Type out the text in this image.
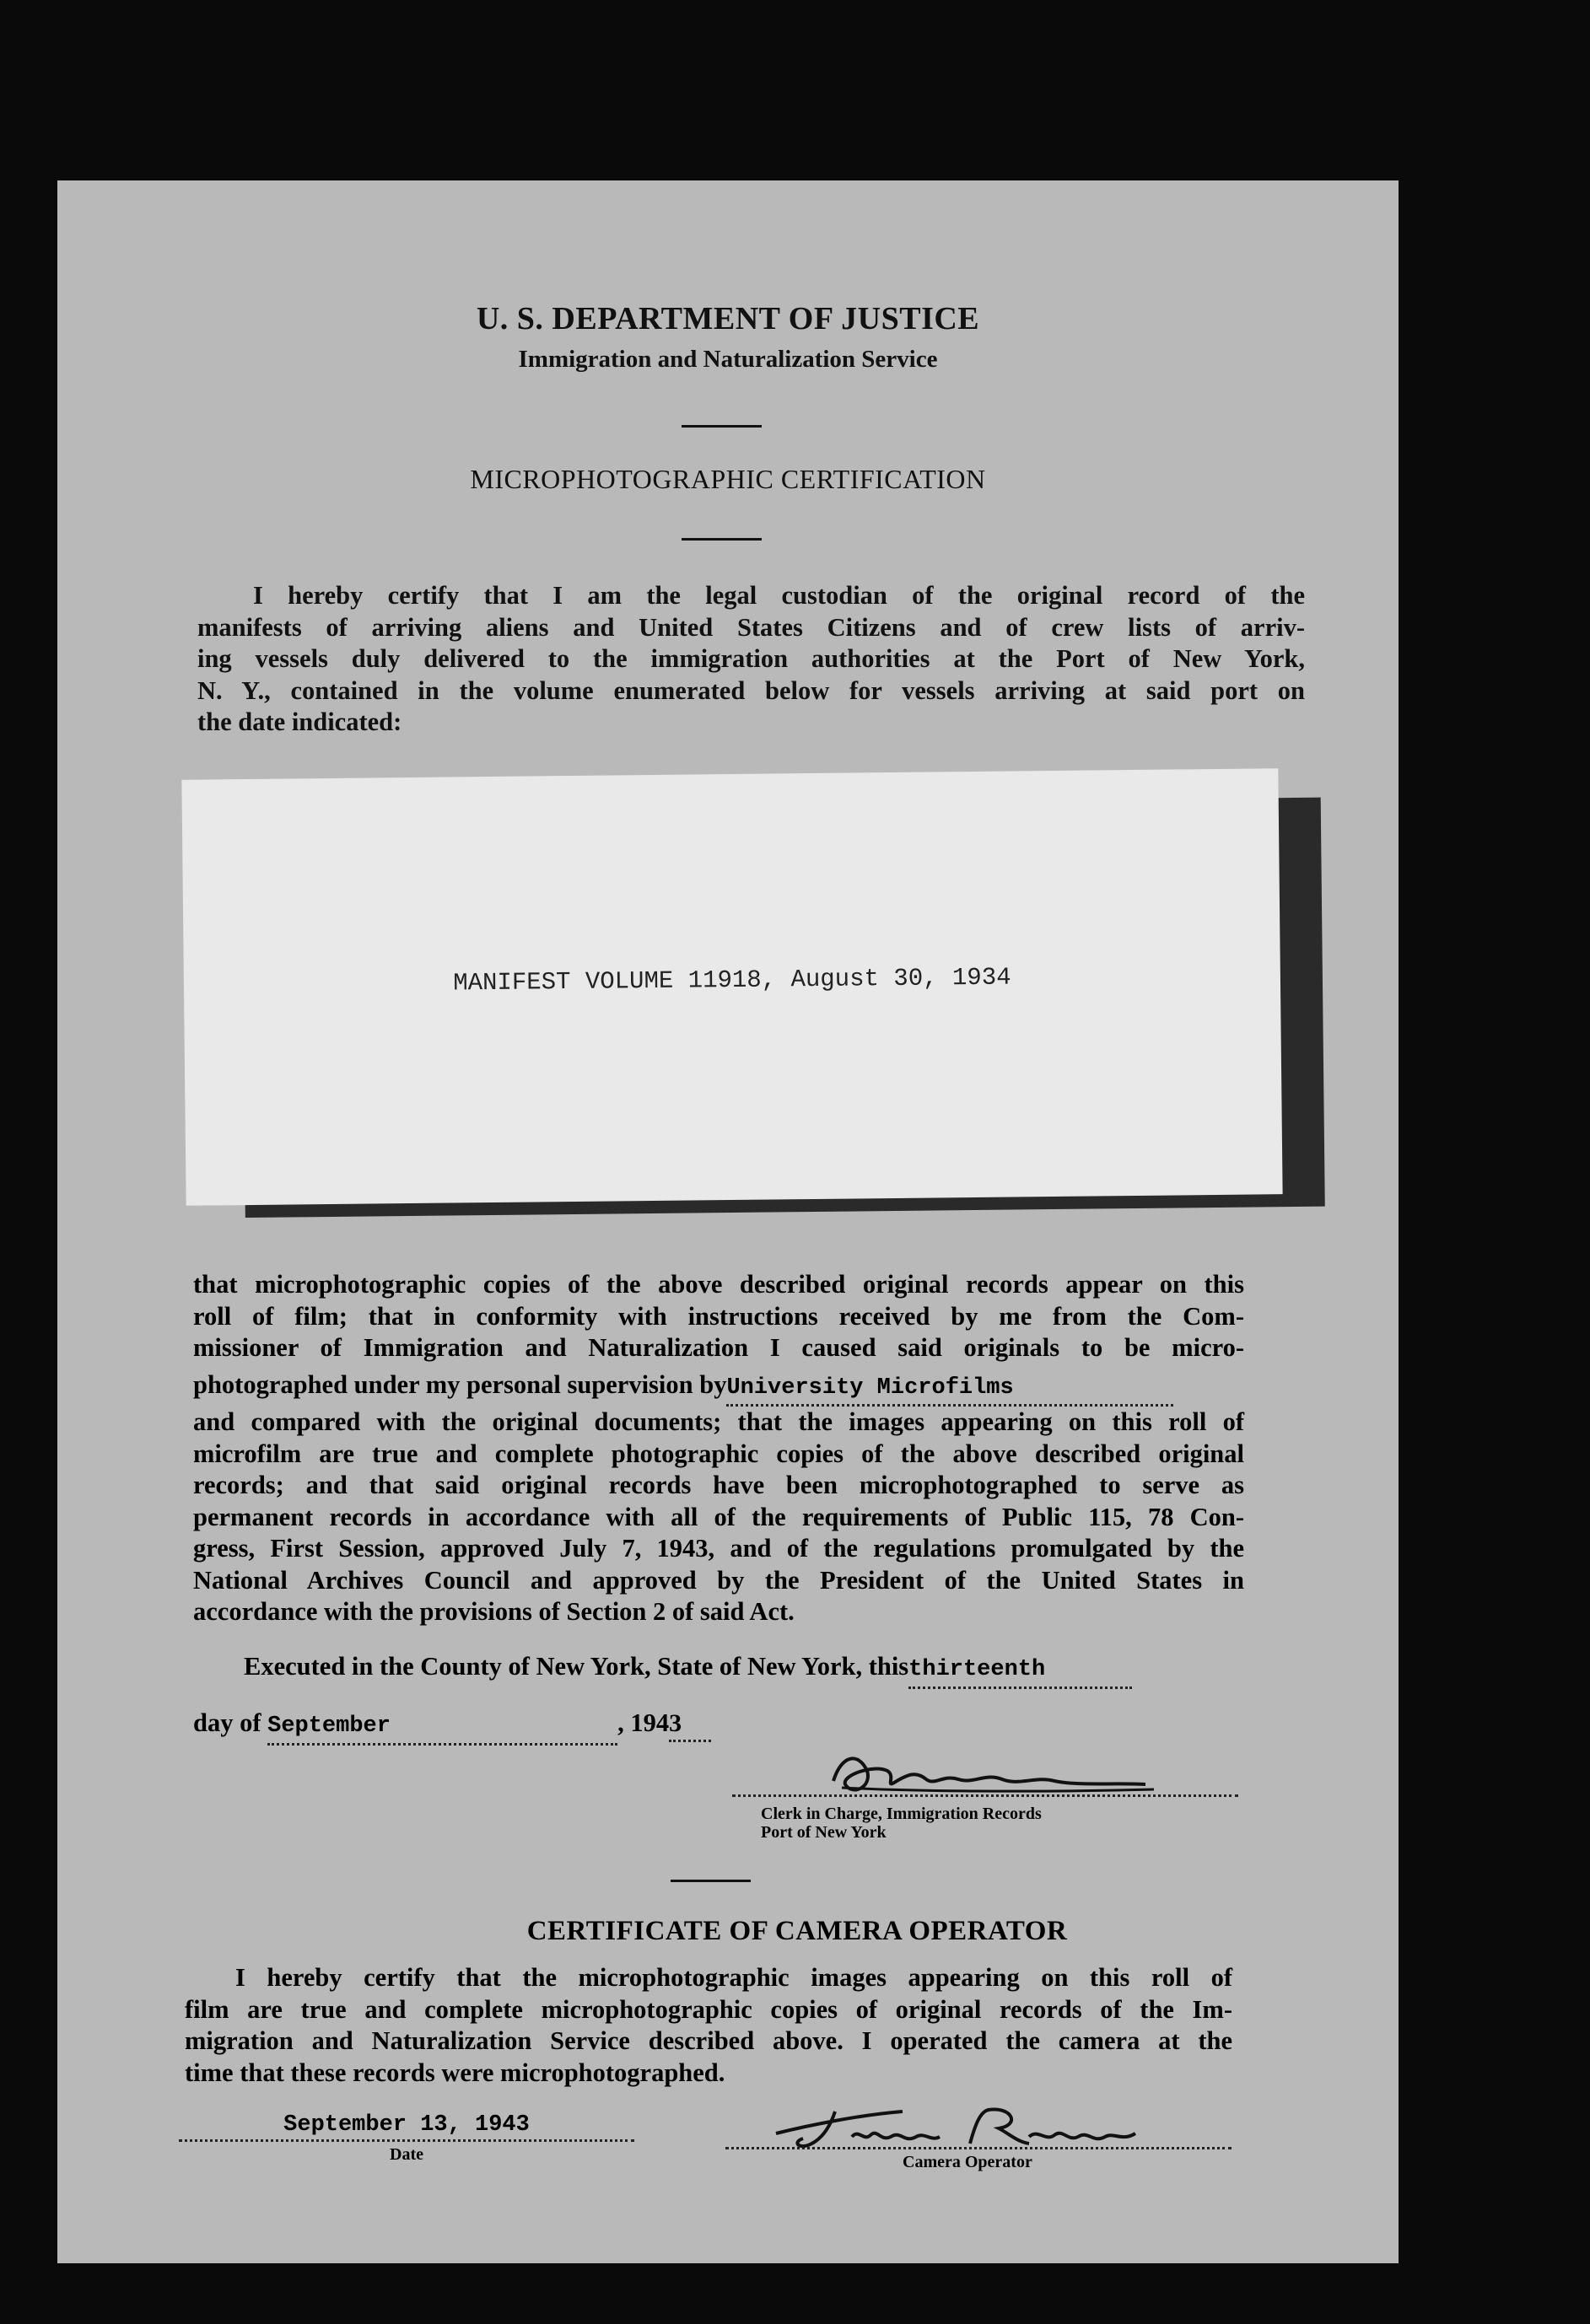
U. S. DEPARTMENT OF JUSTICE
Immigration and Naturalization Service
MICROPHOTOGRAPHIC CERTIFICATION
I hereby certify that I am the legal custodian of the original record of the
manifests of arriving aliens and United States Citizens and of crew lists of arriv-
ing vessels duly delivered to the immigration authorities at the Port of New York,
N. Y., contained in the volume enumerated below for vessels arriving at said port on
the date indicated:
MANIFEST VOLUME 11918, August 30, 1934
that microphotographic copies of the above described original records appear on this
roll of film; that in conformity with instructions received by me from the Com-
missioner of Immigration and Naturalization I caused said originals to be micro-
photographed under my personal supervision byUniversity Microfilms
and compared with the original documents; that the images appearing on this roll of
microfilm are true and complete photographic copies of the above described original
records; and that said original records have been microphotographed to serve as
permanent records in accordance with all of the requirements of Public 115, 78 Con-
gress, First Session, approved July 7, 1943, and of the regulations promulgated by the
National Archives Council and approved by the President of the United States in
accordance with the provisions of Section 2 of said Act.
Executed in the County of New York, State of New York, thisthirteenth
day of September	, 1943
Clerk in Charge, Immigration Records
Port of New York
CERTIFICATE OF CAMERA OPERATOR
I hereby certify that the microphotographic images appearing on this roll of
film are true and complete microphotographic copies of original records of the Im-
migration and Naturalization Service described above. I operated the camera at the
time that these records were microphotographed.
September 13, 1943
Date	Camera Operator
